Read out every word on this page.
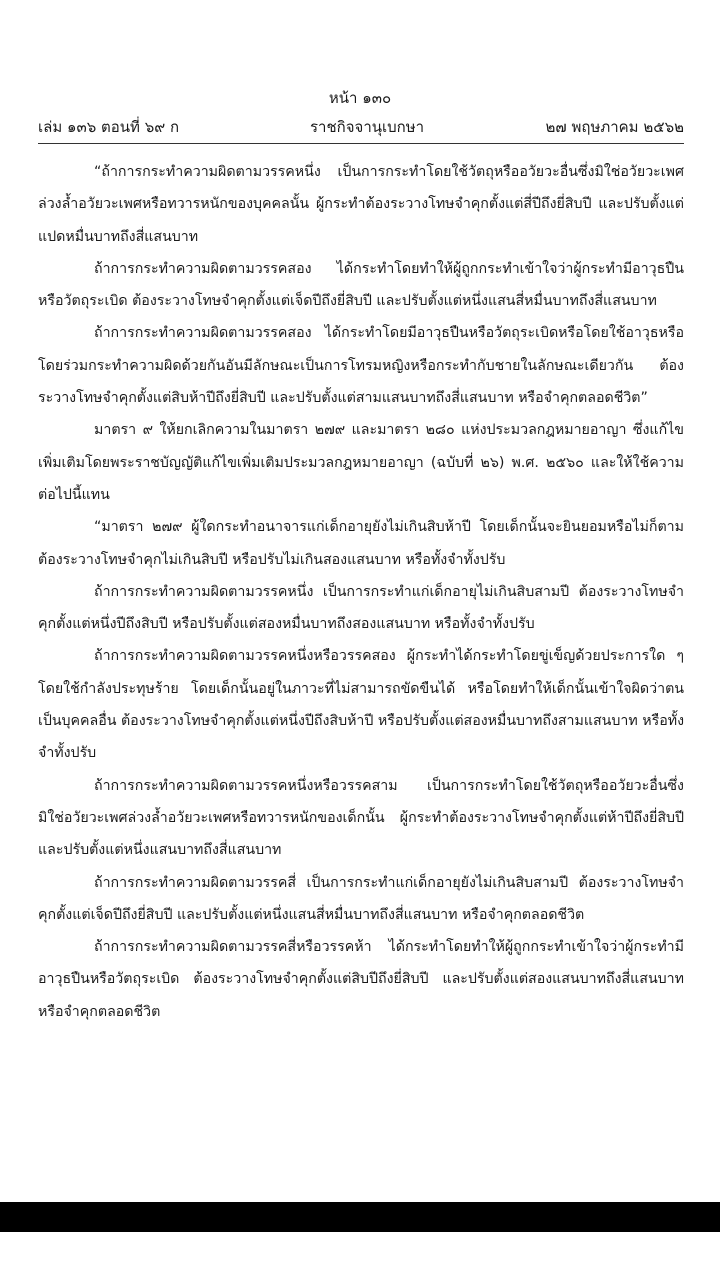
หน้า ๑๓๐
เล่ม ๑๓๖ ตอนที่ ๖๙ ก	ราชกิจจานุเบกษา	๒๗ พฤษภาคม ๒๕๖๒

“ถ้าการกระทำความผิดตามวรรคหนึ่ง เป็นการกระทำโดยใช้วัตถุหรืออวัยวะอื่นซึ่งมิใช่อวัยวะเพศล่วงล้ำอวัยวะเพศหรือทวารหนักของบุคคลนั้น ผู้กระทำต้องระวางโทษจำคุกตั้งแต่สี่ปีถึงยี่สิบปี และปรับตั้งแต่แปดหมื่นบาทถึงสี่แสนบาท

ถ้าการกระทำความผิดตามวรรคสอง ได้กระทำโดยทำให้ผู้ถูกกระทำเข้าใจว่าผู้กระทำมีอาวุธปืนหรือวัตถุระเบิด ต้องระวางโทษจำคุกตั้งแต่เจ็ดปีถึงยี่สิบปี และปรับตั้งแต่หนึ่งแสนสี่หมื่นบาทถึงสี่แสนบาท

ถ้าการกระทำความผิดตามวรรคสอง ได้กระทำโดยมีอาวุธปืนหรือวัตถุระเบิดหรือโดยใช้อาวุธหรือโดยร่วมกระทำความผิดด้วยกันอันมีลักษณะเป็นการโทรมหญิงหรือกระทำกับชายในลักษณะเดียวกัน ต้องระวางโทษจำคุกตั้งแต่สิบห้าปีถึงยี่สิบปี และปรับตั้งแต่สามแสนบาทถึงสี่แสนบาท หรือจำคุกตลอดชีวิต”

มาตรา ๙ ให้ยกเลิกความในมาตรา ๒๗๙ และมาตรา ๒๘๐ แห่งประมวลกฎหมายอาญา ซึ่งแก้ไขเพิ่มเติมโดยพระราชบัญญัติแก้ไขเพิ่มเติมประมวลกฎหมายอาญา (ฉบับที่ ๒๖) พ.ศ. ๒๕๖๐ และให้ใช้ความต่อไปนี้แทน

“มาตรา ๒๗๙ ผู้ใดกระทำอนาจารแก่เด็กอายุยังไม่เกินสิบห้าปี โดยเด็กนั้นจะยินยอมหรือไม่ก็ตาม ต้องระวางโทษจำคุกไม่เกินสิบปี หรือปรับไม่เกินสองแสนบาท หรือทั้งจำทั้งปรับ

ถ้าการกระทำความผิดตามวรรคหนึ่ง เป็นการกระทำแก่เด็กอายุไม่เกินสิบสามปี ต้องระวางโทษจำคุกตั้งแต่หนึ่งปีถึงสิบปี หรือปรับตั้งแต่สองหมื่นบาทถึงสองแสนบาท หรือทั้งจำทั้งปรับ

ถ้าการกระทำความผิดตามวรรคหนึ่งหรือวรรคสอง ผู้กระทำได้กระทำโดยขู่เข็ญด้วยประการใด ๆ โดยใช้กำลังประทุษร้าย โดยเด็กนั้นอยู่ในภาวะที่ไม่สามารถขัดขืนได้ หรือโดยทำให้เด็กนั้นเข้าใจผิดว่าตนเป็นบุคคลอื่น ต้องระวางโทษจำคุกตั้งแต่หนึ่งปีถึงสิบห้าปี หรือปรับตั้งแต่สองหมื่นบาทถึงสามแสนบาท หรือทั้งจำทั้งปรับ

ถ้าการกระทำความผิดตามวรรคหนึ่งหรือวรรคสาม เป็นการกระทำโดยใช้วัตถุหรืออวัยวะอื่นซึ่งมิใช่อวัยวะเพศล่วงล้ำอวัยวะเพศหรือทวารหนักของเด็กนั้น ผู้กระทำต้องระวางโทษจำคุกตั้งแต่ห้าปีถึงยี่สิบปี และปรับตั้งแต่หนึ่งแสนบาทถึงสี่แสนบาท

ถ้าการกระทำความผิดตามวรรคสี่ เป็นการกระทำแก่เด็กอายุยังไม่เกินสิบสามปี ต้องระวางโทษจำคุกตั้งแต่เจ็ดปีถึงยี่สิบปี และปรับตั้งแต่หนึ่งแสนสี่หมื่นบาทถึงสี่แสนบาท หรือจำคุกตลอดชีวิต

ถ้าการกระทำความผิดตามวรรคสี่หรือวรรคห้า ได้กระทำโดยทำให้ผู้ถูกกระทำเข้าใจว่าผู้กระทำมีอาวุธปืนหรือวัตถุระเบิด ต้องระวางโทษจำคุกตั้งแต่สิบปีถึงยี่สิบปี และปรับตั้งแต่สองแสนบาทถึงสี่แสนบาท หรือจำคุกตลอดชีวิต
